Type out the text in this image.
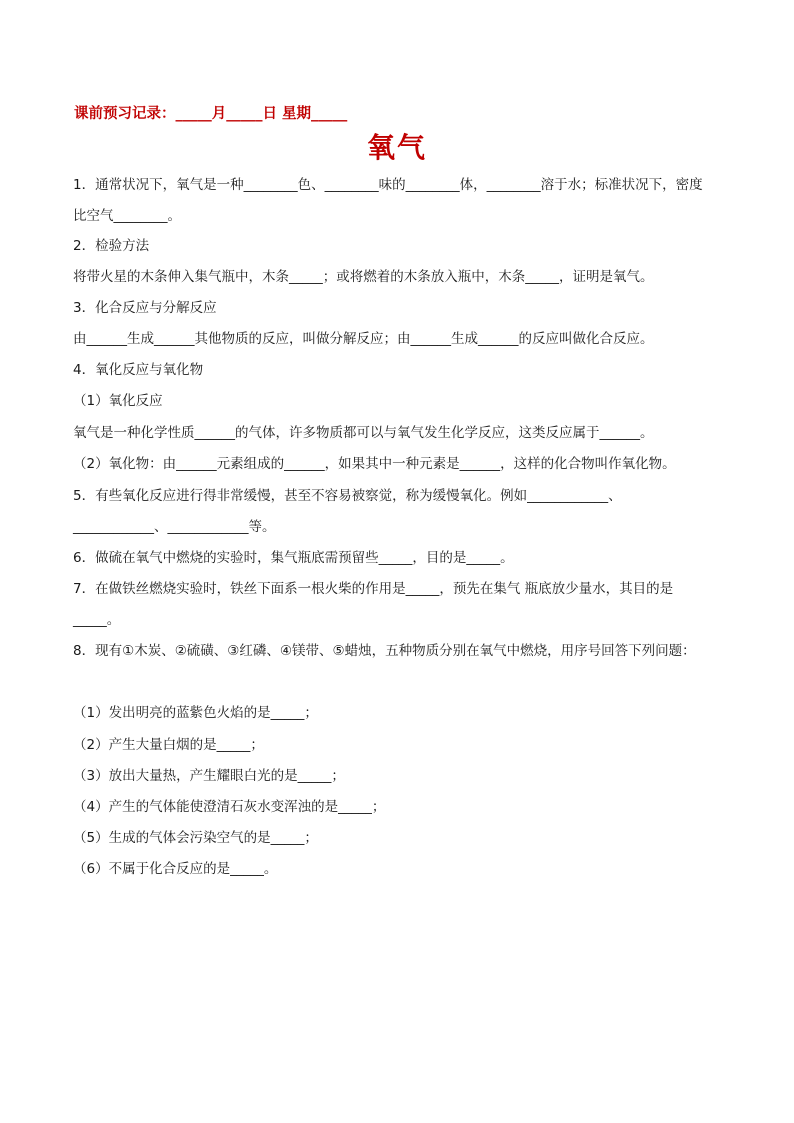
课前预习记录：_____月_____日 星期_____
氧气
1．通常状况下，氧气是一种________色、________味的________体，________溶于水；标准状况下，密度
比空气________。
2．检验方法
将带火星的木条伸入集气瓶中，木条_____；或将燃着的木条放入瓶中，木条_____，证明是氧气。
3．化合反应与分解反应
由______生成______其他物质的反应，叫做分解反应；由______生成______的反应叫做化合反应。
4．氧化反应与氧化物
（1）氧化反应
氧气是一种化学性质______的气体，许多物质都可以与氧气发生化学反应，这类反应属于______。
（2）氧化物：由______元素组成的______，如果其中一种元素是______，这样的化合物叫作氧化物。
5．有些氧化反应进行得非常缓慢，甚至不容易被察觉，称为缓慢氧化。例如____________、
____________、____________等。
6．做硫在氧气中燃烧的实验时，集气瓶底需预留些_____，目的是_____。
7．在做铁丝燃烧实验时，铁丝下面系一根火柴的作用是_____，预先在集气 瓶底放少量水，其目的是
_____。
8．现有①木炭、②硫磺、③红磷、④镁带、⑤蜡烛，五种物质分别在氧气中燃烧，用序号回答下列问题：
（1）发出明亮的蓝紫色火焰的是_____；
（2）产生大量白烟的是_____；
（3）放出大量热，产生耀眼白光的是_____；
（4）产生的气体能使澄清石灰水变浑浊的是_____；
（5）生成的气体会污染空气的是_____；
（6）不属于化合反应的是_____。
